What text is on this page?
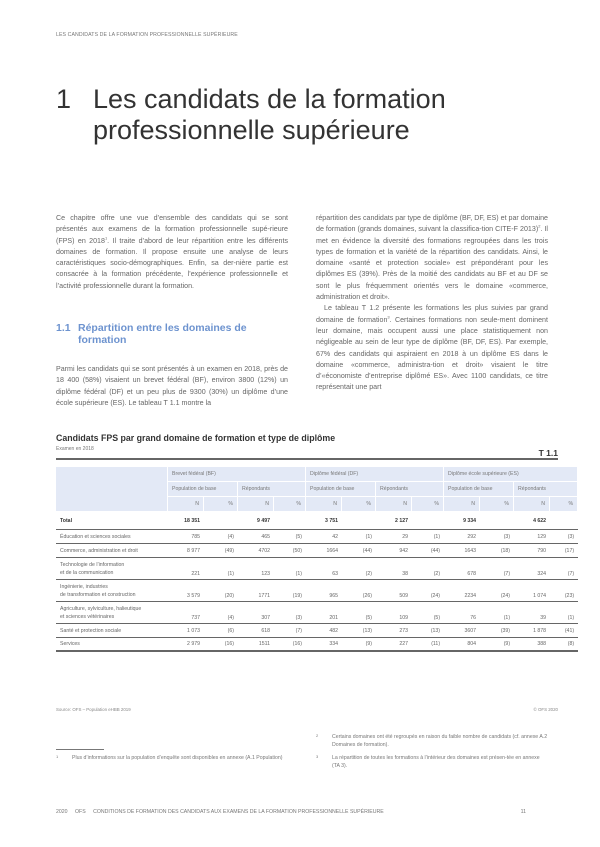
LES CANDIDATS DE LA FORMATION PROFESSIONNELLE SUPÉRIEURE
1 Les candidats de la formation professionnelle supérieure

Ce chapitre offre une vue d’ensemble des candidats qui se sont présentés aux examens de la formation professionnelle supé-rieure (FPS) en 2018$^1$. Il traite d’abord de leur répartition entre les différents domaines de formation. Il propose ensuite une analyse de leurs caractéristiques socio-démographiques. Enfin, sa der-nière partie est consacrée à la formation précédente, l’expérience professionnelle et l’activité professionnelle durant la formation.

1.1 Répartition entre les domaines de formation

Parmi les candidats qui se sont présentés à un examen en 2018, près de 18 400 (58%) visaient un brevet fédéral (BF), environ 3800 (12%) un diplôme fédéral (DF) et un peu plus de 9300 (30%) un diplôme d’une école supérieure (ES). Le tableau T 1.1 montre la

répartition des candidats par type de diplôme (BF, DF, ES) et par domaine de formation (grands domaines, suivant la classifica-tion CITE-F 2013)$^2$. Il met en évidence la diversité des formations regroupées dans les trois types de formation et la variété de la répartition des candidats. Ainsi, le domaine «santé et protection sociale» est prépondérant pour les diplômes ES (39%). Près de la moitié des candidats au BF et au DF se sont le plus fréquemment orientés vers le domaine «commerce, administration et droit».

Le tableau T 1.2 présente les formations les plus suivies par grand domaine de formation$^3$. Certaines formations non seule-ment dominent leur domaine, mais occupent aussi une place statistiquement non négligeable au sein de leur type de diplôme (BF, DF, ES). Par exemple, 67% des candidats qui aspiraient en 2018 à un diplôme ES dans le domaine «commerce, administra-tion et droit» visaient le titre d’«économiste d’entreprise diplômé ES». Avec 1100 candidats, ce titre représentait une part

Candidats FPS par grand domaine de formation et type de diplôme
Examen en 2018	T 1.1
	Brevet fédéral (BF)				Diplôme fédéral (DF)				Diplôme école supérieure (ES)			
	Population de base		Répondants		Population de base		Répondants		Population de base		Répondants	
	N	%	N	%	N	%	N	%	N	%	N	%
Total	18 351		9 497		3 751		2 127		9 334		4 622	
Éducation et sciences sociales	785	(4)	465	(5)	42	(1)	29	(1)	292	(3)	129	(3)
Commerce, administration et droit	8 977	(49)	4702	(50)	1664	(44)	942	(44)	1643	(18)	790	(17)
Technologie de l’information
et de la communication	221	(1)	123	(1)	63	(2)	38	(2)	678	(7)	324	(7)
Ingénierie, industries
de transformation et construction	3 579	(20)	1771	(19)	965	(26)	509	(24)	2234	(24)	1 074	(23)
Agriculture, sylviculture, halieutique
et sciences vétérinaires	737	(4)	307	(3)	201	(5)	109	(5)	76	(1)	39	(1)
Santé et protection sociale	1 073	(6)	618	(7)	482	(13)	273	(13)	3607	(39)	1 878	(41)
Services	2 979	(16)	1511	(16)	334	(9)	227	(11)	804	(9)	388	(8)
Source: OFS – Population eHBB 2019	© OFS 2020
1	Plus d’informations sur la population d’enquête sont disponibles en annexe (A.1 Population)
2	Certains domaines ont été regroupés en raison du faible nombre de candidats (cf. annexe A.2 Domaines de formation).
3	La répartition de toutes les formations à l’intérieur des domaines est présen-tée en annexe (TA 3).
2020 OFS CONDITIONS DE FORMATION DES CANDIDATS AUX EXAMENS DE LA FORMATION PROFESSIONNELLE SUPÉRIEURE	11
